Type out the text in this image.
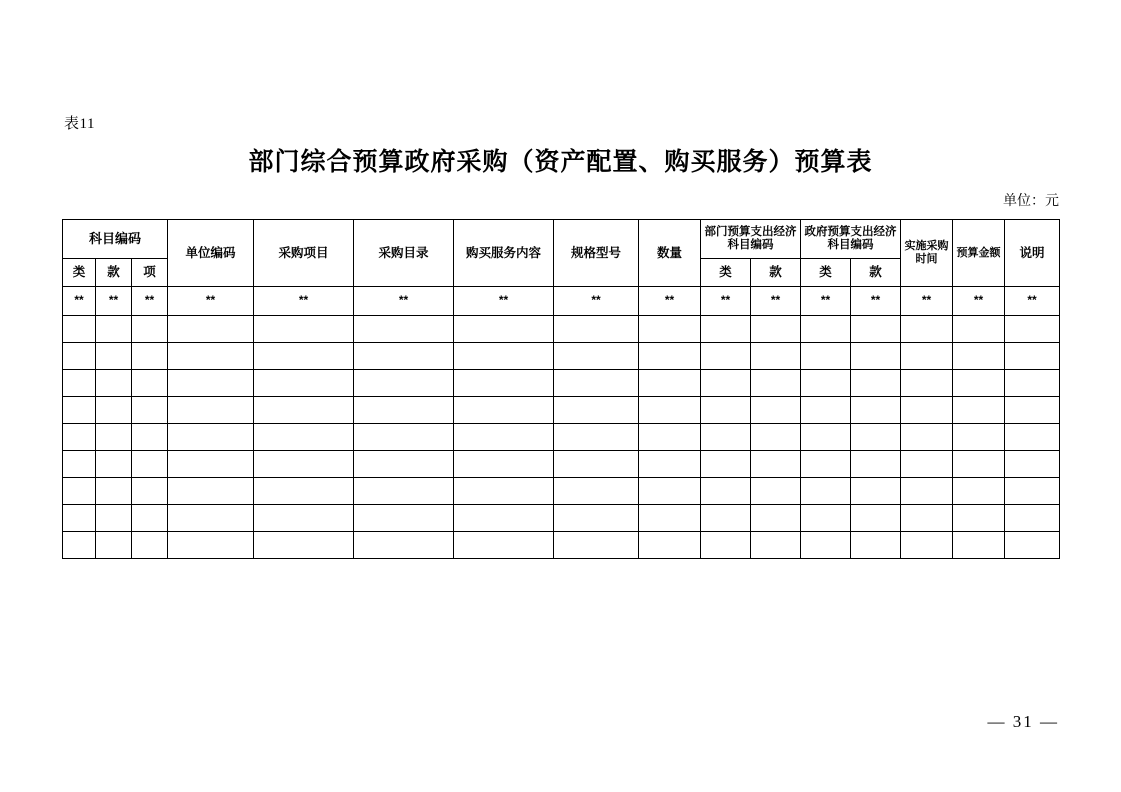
表11
部门综合预算政府采购（资产配置、购买服务）预算表
单位：元
科目编码			单位编码	采购项目	采购目录	购买服务内容	规格型号	数量	部门预算支出经济科目编码		政府预算支出经济科目编码		实施采购时间	预算金额	说明
类	款	项							类	款	类	款			
**	**	**	**	**	**	**	**	**	**	**	**	**	**	**	**

— 31 —
